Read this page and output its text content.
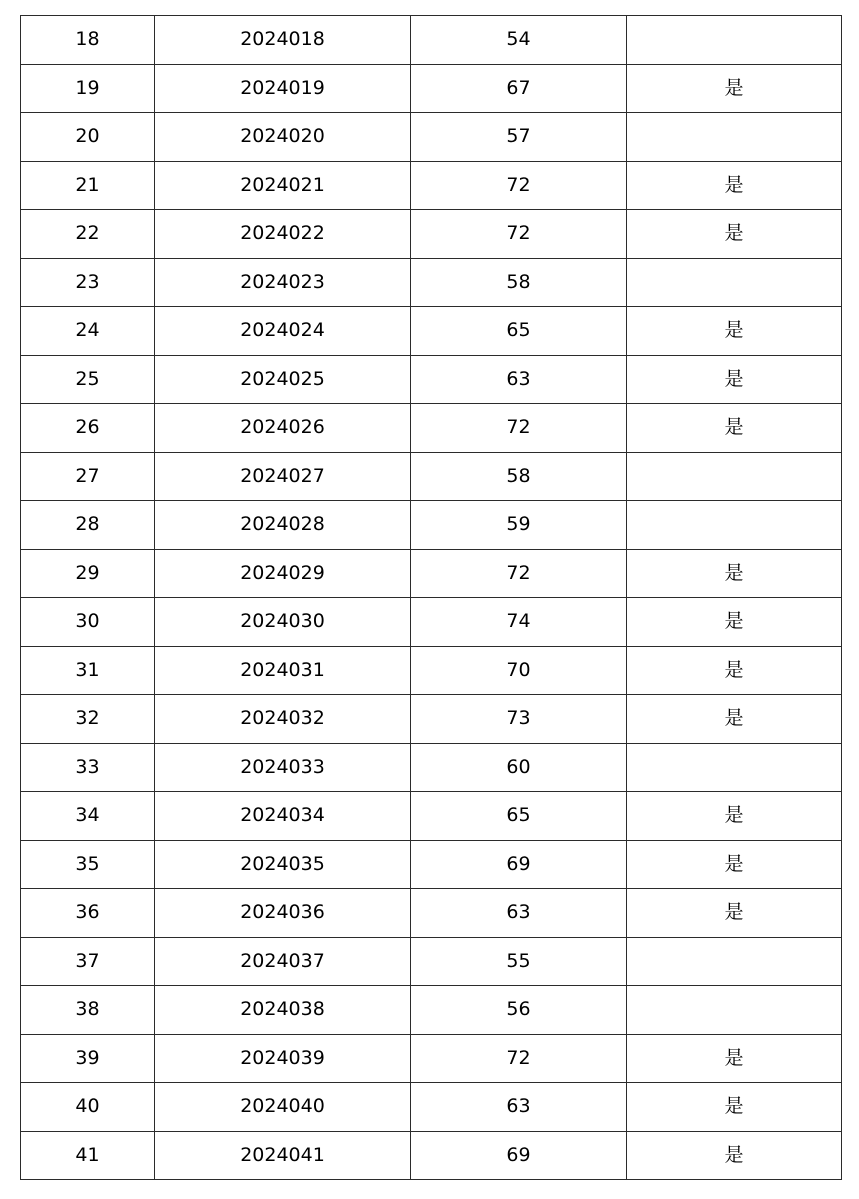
18	2024018	54	
19	2024019	67	是
20	2024020	57	
21	2024021	72	是
22	2024022	72	是
23	2024023	58	
24	2024024	65	是
25	2024025	63	是
26	2024026	72	是
27	2024027	58	
28	2024028	59	
29	2024029	72	是
30	2024030	74	是
31	2024031	70	是
32	2024032	73	是
33	2024033	60	
34	2024034	65	是
35	2024035	69	是
36	2024036	63	是
37	2024037	55	
38	2024038	56	
39	2024039	72	是
40	2024040	63	是
41	2024041	69	是
